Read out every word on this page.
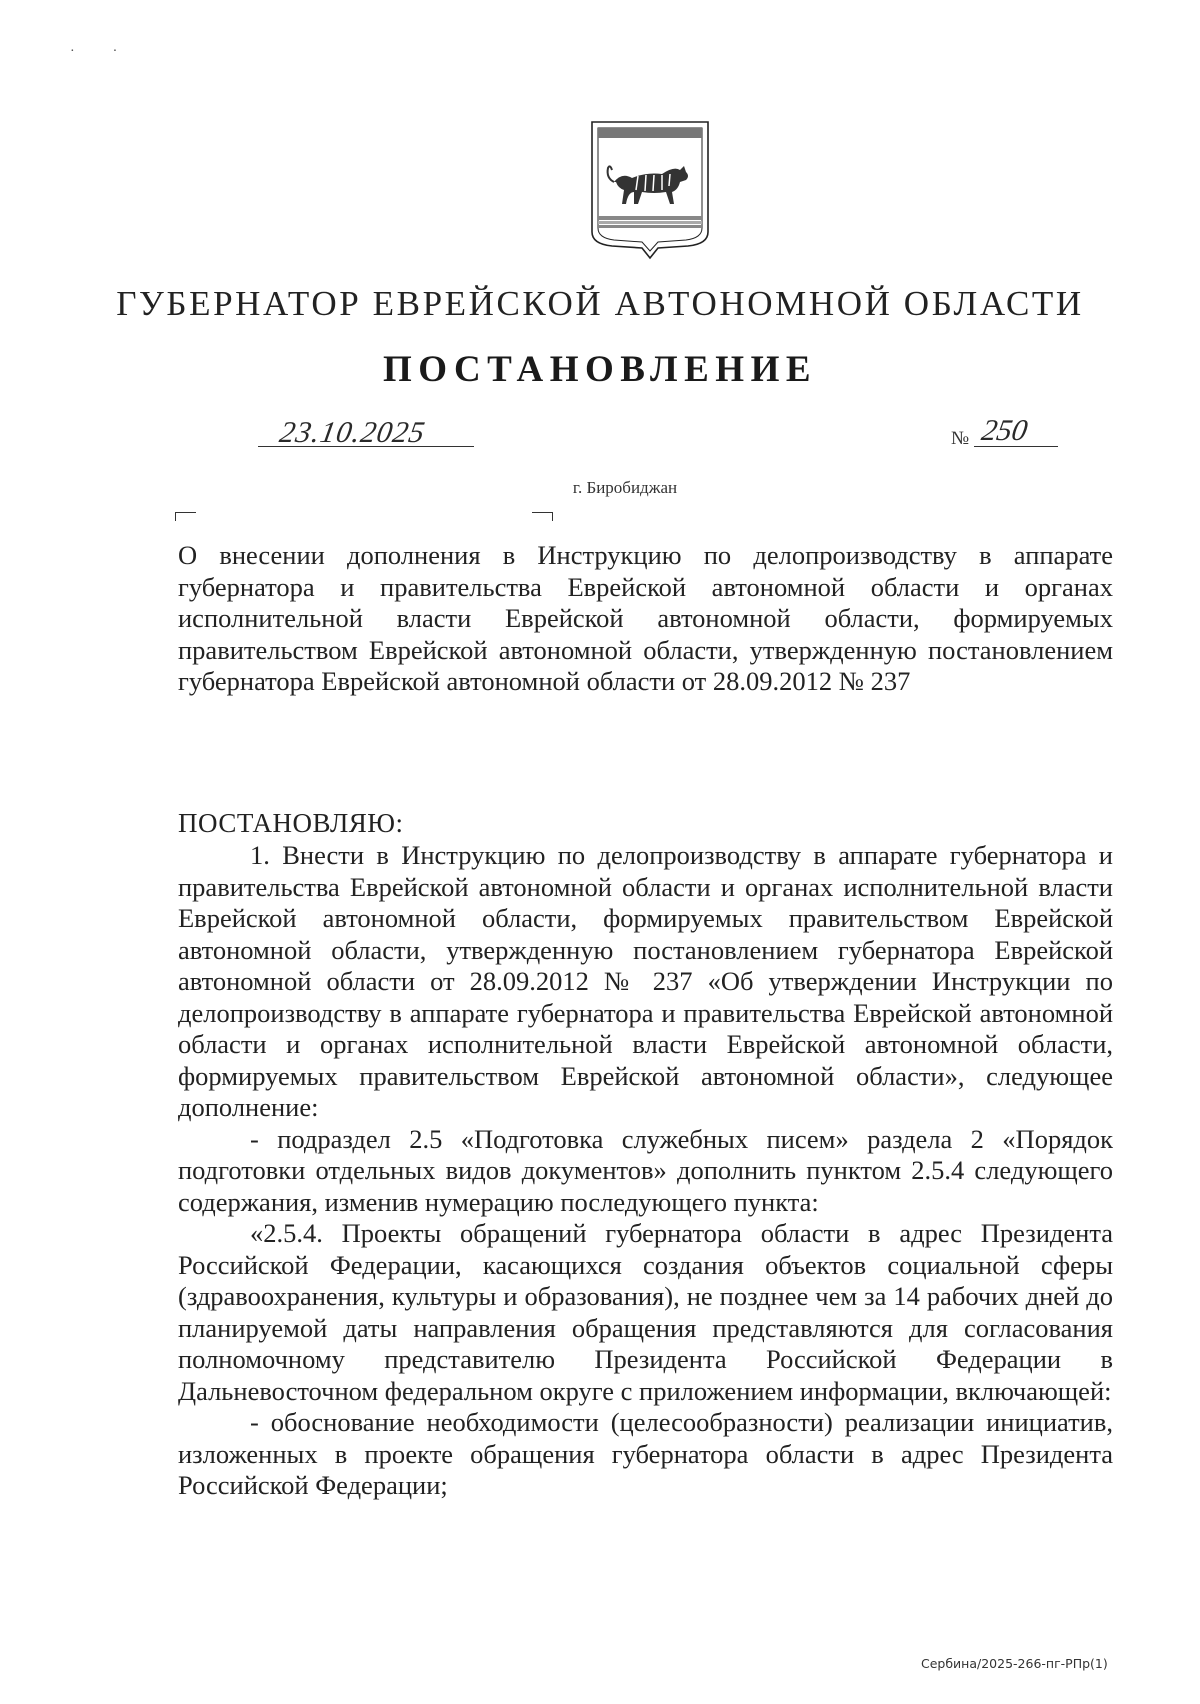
··
ГУБЕРНАТОР ЕВРЕЙСКОЙ АВТОНОМНОЙ ОБЛАСТИ
ПОСТАНОВЛЕНИЕ
23.10.2025	№ 250
г. Биробиджан
О внесении дополнения в Инструкцию по делопроизводству в аппарате губернатора и правительства Еврейской автономной области и органах исполнительной власти Еврейской автономной области, формируемых правительством Еврейской автономной области, утвержденную постановлением губернатора Еврейской автономной области от 28.09.2012 № 237
ПОСТАНОВЛЯЮ:

1. Внести в Инструкцию по делопроизводству в аппарате губернатора и правительства Еврейской автономной области и органах исполнительной власти Еврейской автономной области, формируемых правительством Еврейской автономной области, утвержденную постановлением губернатора Еврейской автономной области от 28.09.2012 № 237 «Об утверждении Инструкции по делопроизводству в аппарате губернатора и правительства Еврейской автономной области и органах исполнительной власти Еврейской автономной области, формируемых правительством Еврейской автономной области», следующее дополнение:

- подраздел 2.5 «Подготовка служебных писем» раздела 2 «Порядок подготовки отдельных видов документов» дополнить пунктом 2.5.4 следующего содержания, изменив нумерацию последующего пункта:

«2.5.4. Проекты обращений губернатора области в адрес Президента Российской Федерации, касающихся создания объектов социальной сферы (здравоохранения, культуры и образования), не позднее чем за 14 рабочих дней до планируемой даты направления обращения представляются для согласования полномочному представителю Президента Российской Федерации в Дальневосточном федеральном округе с приложением информации, включающей:

- обоснование необходимости (целесообразности) реализации инициатив, изложенных в проекте обращения губернатора области в адрес Президента Российской Федерации;

Сербина/2025-266-пг-РПр(1)
